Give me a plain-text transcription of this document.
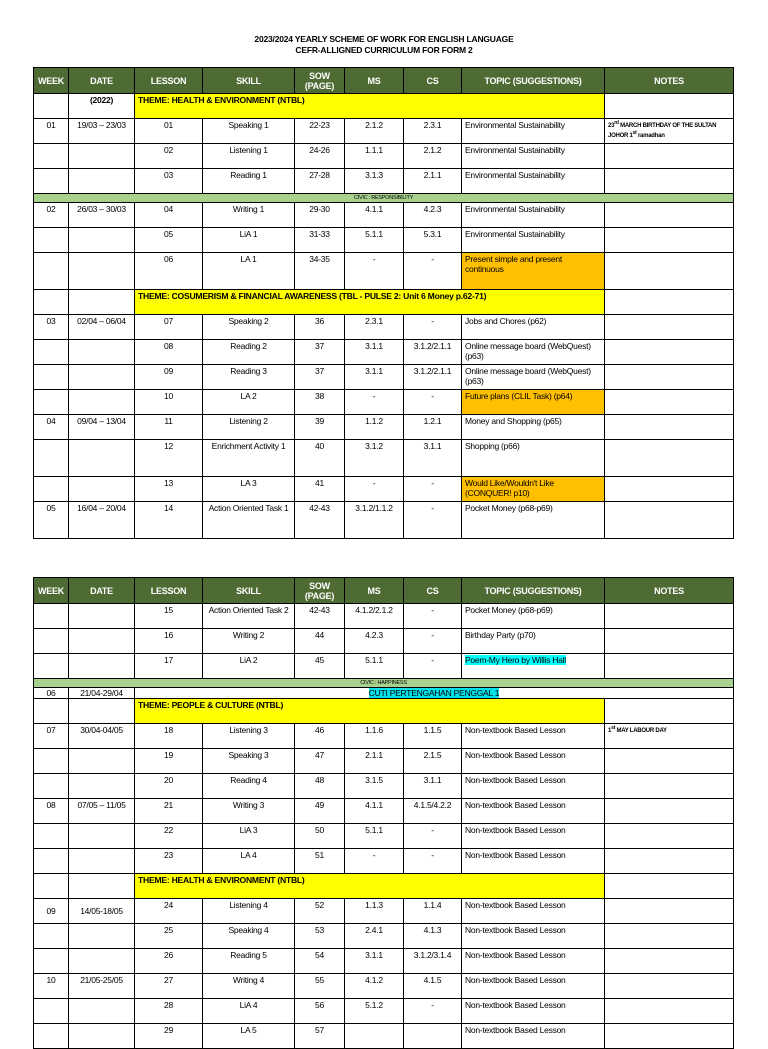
2023/2024 YEARLY SCHEME OF WORK FOR ENGLISH LANGUAGE
CEFR-ALLIGNED CURRICULUM FOR FORM 2
WEEK	DATE	LESSON	SKILL	SOW (PAGE)	MS	CS	TOPIC (SUGGESTIONS)	NOTES
	(2022)	THEME: HEALTH & ENVIRONMENT (NTBL)						
01	19/03 – 23/03	01	Speaking 1	22-23	2.1.2	2.3.1	Environmental Sustainability	23rd MARCH BIRTHDAY OF THE SULTAN JOHOR 1st ramadhan
		02	Listening 1	24-26	1.1.1	2.1.2	Environmental Sustainability	
		03	Reading 1	27-28	3.1.3	2.1.1	Environmental Sustainability	
CIVIC : RESPONSIBILITY								
02	26/03 – 30/03	04	Writing 1	29-30	4.1.1	4.2.3	Environmental Sustainability	
		05	LiA 1	31-33	5.1.1	5.3.1	Environmental Sustainability	
		06	LA 1	34-35	-	-	Present simple and present continuous	
		THEME: COSUMERISM & FINANCIAL AWARENESS (TBL - PULSE 2: Unit 6 Money p.62-71)						
03	02/04 – 06/04	07	Speaking 2	36	2.3.1	-	Jobs and Chores (p62)	
		08	Reading 2	37	3.1.1	3.1.2/2.1.1	Online message board (WebQuest) (p63)	
		09	Reading 3	37	3.1.1	3.1.2/2.1.1	Online message board (WebQuest) (p63)	
		10	LA 2	38	-	-	Future plans (CLIL Task) (p64)	
04	09/04 – 13/04	11	Listening 2	39	1.1.2	1.2.1	Money and Shopping (p65)	
		12	Enrichment Activity 1	40	3.1.2	3.1.1	Shopping (p66)	
		13	LA 3	41	-	-	Would Like/Wouldn't Like (CONQUER! p10)	
05	16/04 – 20/04	14	Action Oriented Task 1	42-43	3.1.2/1.1.2	-	Pocket Money (p68-p69)	
WEEK	DATE	LESSON	SKILL	SOW (PAGE)	MS	CS	TOPIC (SUGGESTIONS)	NOTES
		15	Action Oriented Task 2	42-43	4.1.2/2.1.2	-	Pocket Money (p68-p69)	
		16	Writing 2	44	4.2.3	-	Birthday Party (p70)	
		17	LiA 2	45	5.1.1	-	Poem-My Hero by Willis Hall	
CIVIC : HAPPINESS								
06	21/04-29/04	CUTI PERTENGAHAN PENGGAL 1						
		THEME: PEOPLE & CULTURE (NTBL)						
07	30/04-04/05	18	Listening 3	46	1.1.6	1.1.5	Non-textbook Based Lesson	1st MAY LABOUR DAY
		19	Speaking 3	47	2.1.1	2.1.5	Non-textbook Based Lesson	
		20	Reading 4	48	3.1.5	3.1.1	Non-textbook Based Lesson	
08	07/05 – 11/05	21	Writing 3	49	4.1.1	4.1.5/4.2.2	Non-textbook Based Lesson	
		22	LiA 3	50	5.1.1	-	Non-textbook Based Lesson	
		23	LA 4	51	-	-	Non-textbook Based Lesson	
		THEME: HEALTH & ENVIRONMENT (NTBL)						
09	14/05-18/05	24	Listening 4	52	1.1.3	1.1.4	Non-textbook Based Lesson	
		25	Speaking 4	53	2.4.1	4.1.3	Non-textbook Based Lesson	
		26	Reading 5	54	3.1.1	3.1.2/3.1.4	Non-textbook Based Lesson	
10	21/05-25/05	27	Writing 4	55	4.1.2	4.1.5	Non-textbook Based Lesson	
		28	LiA 4	56	5.1.2	-	Non-textbook Based Lesson	
		29	LA 5	57			Non-textbook Based Lesson	
